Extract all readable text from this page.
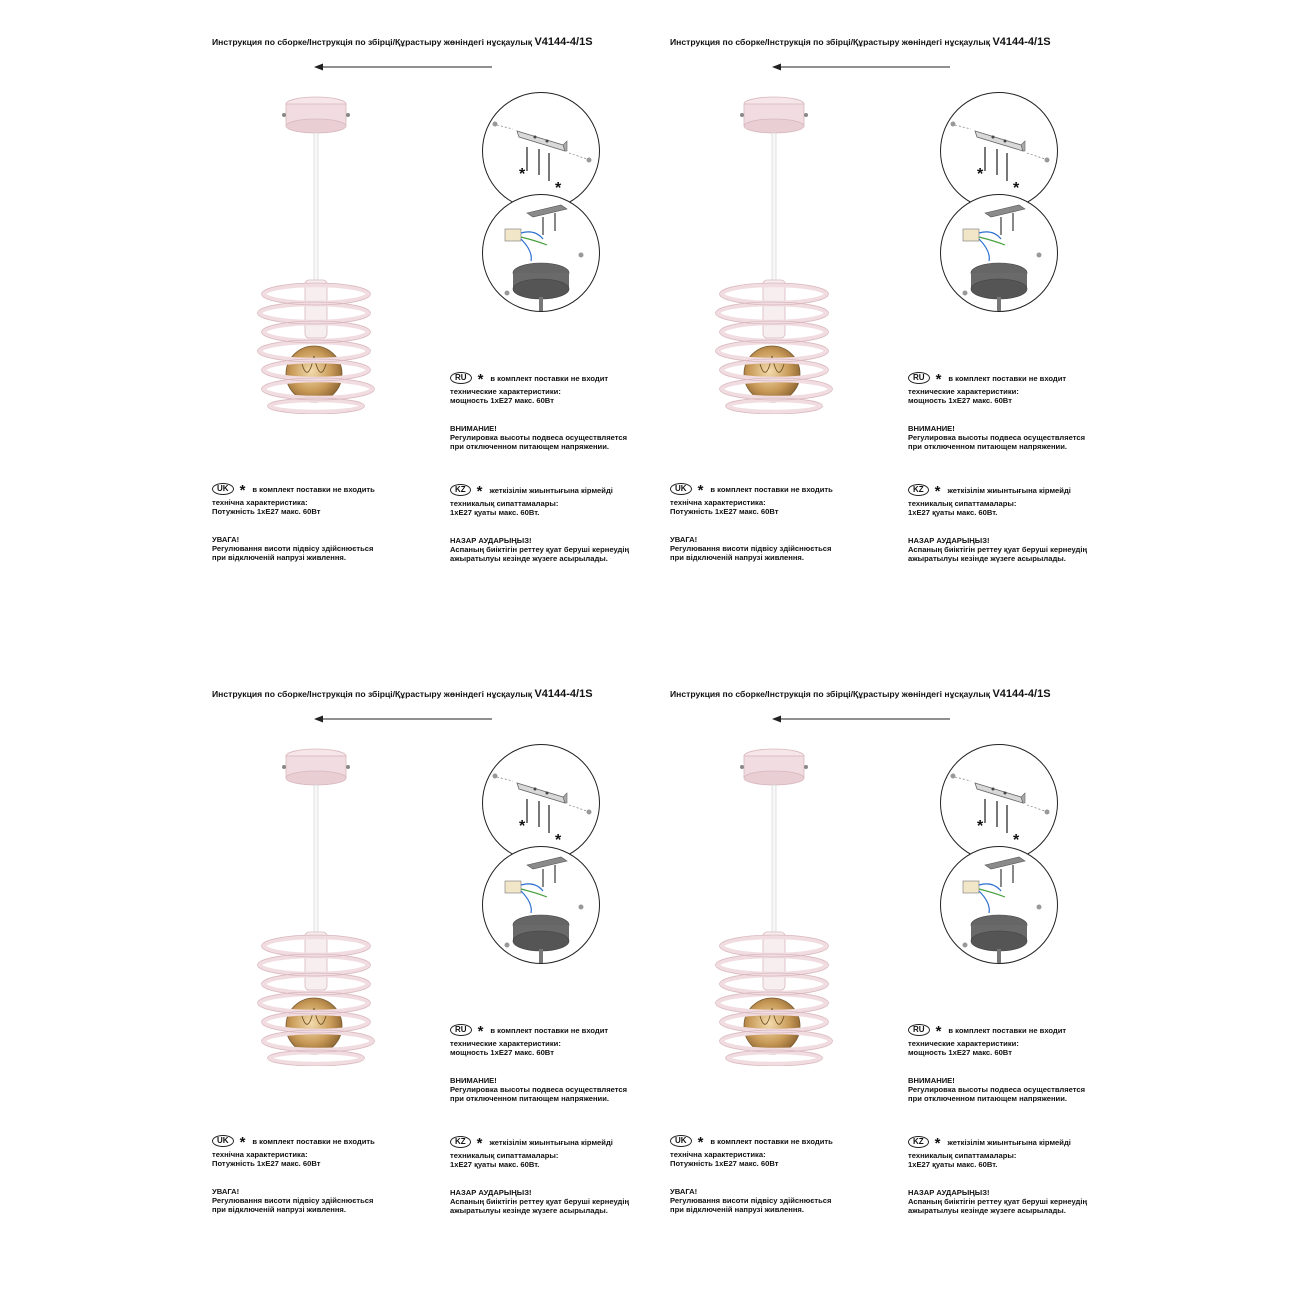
Инструкция по сборке/Інструкція по збірці/Құрастыру жөніндегі нұсқаулық V4144-4/1S
*
*
RU * в комплект поставки не входит
технические характеристики:
мощность 1хЕ27 макс. 60Вт
ВНИМАНИЕ!
Регулировка высоты подвеса осуществляется
при отключенном питающем напряжении.
UK * в комплект поставки не входить
технічна характеристика:
Потужність 1хЕ27 макс. 60Вт
УВАГА!
Регулювання висоти підвісу здійснюється
при відключеній напрузі живлення.
KZ * жеткізілім жиынтығына кірмейді
техникалық сипаттамалары:
1хЕ27 қуаты макс. 60Вт.
НАЗАР АУДАРЫҢЫЗ!
Аспаның биіктігін реттеу қуат беруші кернеудің
ажыратылуы кезінде жүзеге асырылады.
Инструкция по сборке/Інструкція по збірці/Құрастыру жөніндегі нұсқаулық V4144-4/1S
*
*
RU * в комплект поставки не входит
технические характеристики:
мощность 1хЕ27 макс. 60Вт
ВНИМАНИЕ!
Регулировка высоты подвеса осуществляется
при отключенном питающем напряжении.
UK * в комплект поставки не входить
технічна характеристика:
Потужність 1хЕ27 макс. 60Вт
УВАГА!
Регулювання висоти підвісу здійснюється
при відключеній напрузі живлення.
KZ * жеткізілім жиынтығына кірмейді
техникалық сипаттамалары:
1хЕ27 қуаты макс. 60Вт.
НАЗАР АУДАРЫҢЫЗ!
Аспаның биіктігін реттеу қуат беруші кернеудің
ажыратылуы кезінде жүзеге асырылады.
Инструкция по сборке/Інструкція по збірці/Құрастыру жөніндегі нұсқаулық V4144-4/1S
*
*
RU * в комплект поставки не входит
технические характеристики:
мощность 1хЕ27 макс. 60Вт
ВНИМАНИЕ!
Регулировка высоты подвеса осуществляется
при отключенном питающем напряжении.
UK * в комплект поставки не входить
технічна характеристика:
Потужність 1хЕ27 макс. 60Вт
УВАГА!
Регулювання висоти підвісу здійснюється
при відключеній напрузі живлення.
KZ * жеткізілім жиынтығына кірмейді
техникалық сипаттамалары:
1хЕ27 қуаты макс. 60Вт.
НАЗАР АУДАРЫҢЫЗ!
Аспаның биіктігін реттеу қуат беруші кернеудің
ажыратылуы кезінде жүзеге асырылады.
Инструкция по сборке/Інструкція по збірці/Құрастыру жөніндегі нұсқаулық V4144-4/1S
*
*
RU * в комплект поставки не входит
технические характеристики:
мощность 1хЕ27 макс. 60Вт
ВНИМАНИЕ!
Регулировка высоты подвеса осуществляется
при отключенном питающем напряжении.
UK * в комплект поставки не входить
технічна характеристика:
Потужність 1хЕ27 макс. 60Вт
УВАГА!
Регулювання висоти підвісу здійснюється
при відключеній напрузі живлення.
KZ * жеткізілім жиынтығына кірмейді
техникалық сипаттамалары:
1хЕ27 қуаты макс. 60Вт.
НАЗАР АУДАРЫҢЫЗ!
Аспаның биіктігін реттеу қуат беруші кернеудің
ажыратылуы кезінде жүзеге асырылады.
